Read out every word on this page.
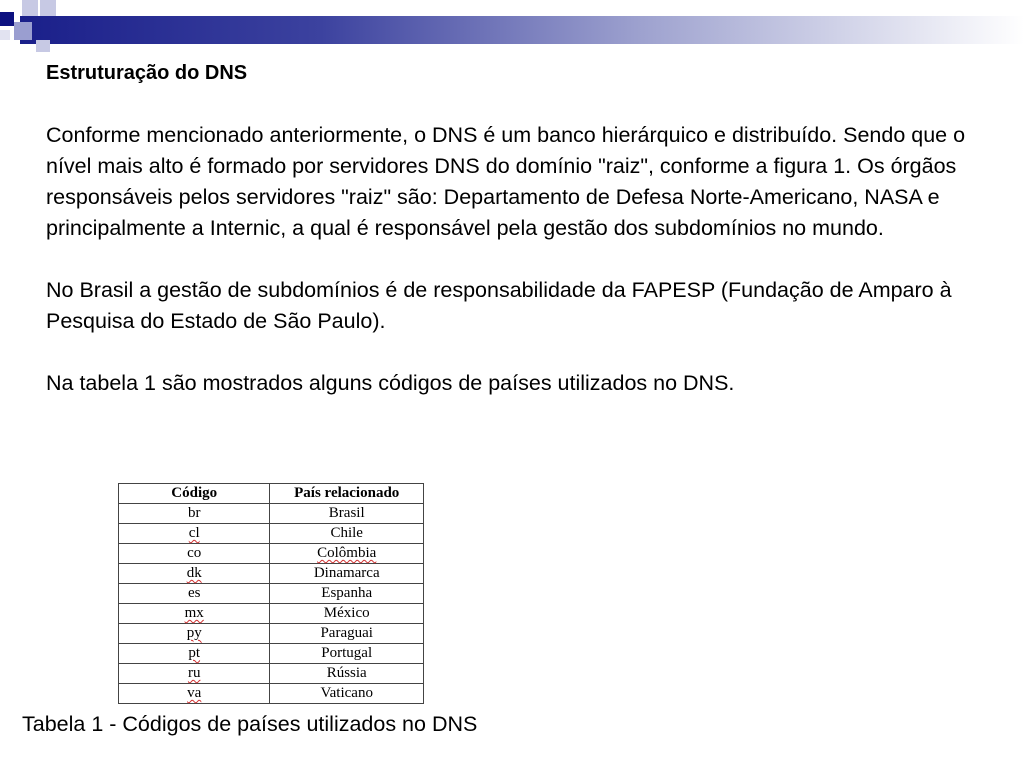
Estruturação do DNS

Conforme mencionado anteriormente, o DNS é um banco hierárquico e distribuído. Sendo que o nível mais alto é formado por servidores DNS do domínio "raiz", conforme a figura 1. Os órgãos responsáveis pelos servidores "raiz" são: Departamento de Defesa Norte-Americano, NASA e principalmente a Internic, a qual é responsável pela gestão dos subdomínios no mundo.

No Brasil a gestão de subdomínios é de responsabilidade da FAPESP (Fundação de Amparo à Pesquisa do Estado de São Paulo).

Na tabela 1 são mostrados alguns códigos de países utilizados no DNS.

Código	País relacionado
br	Brasil
cl	Chile
co	Colômbia
dk	Dinamarca
es	Espanha
mx	México
py	Paraguai
pt	Portugal
ru	Rússia
va	Vaticano
Tabela 1 - Códigos de países utilizados no DNS
